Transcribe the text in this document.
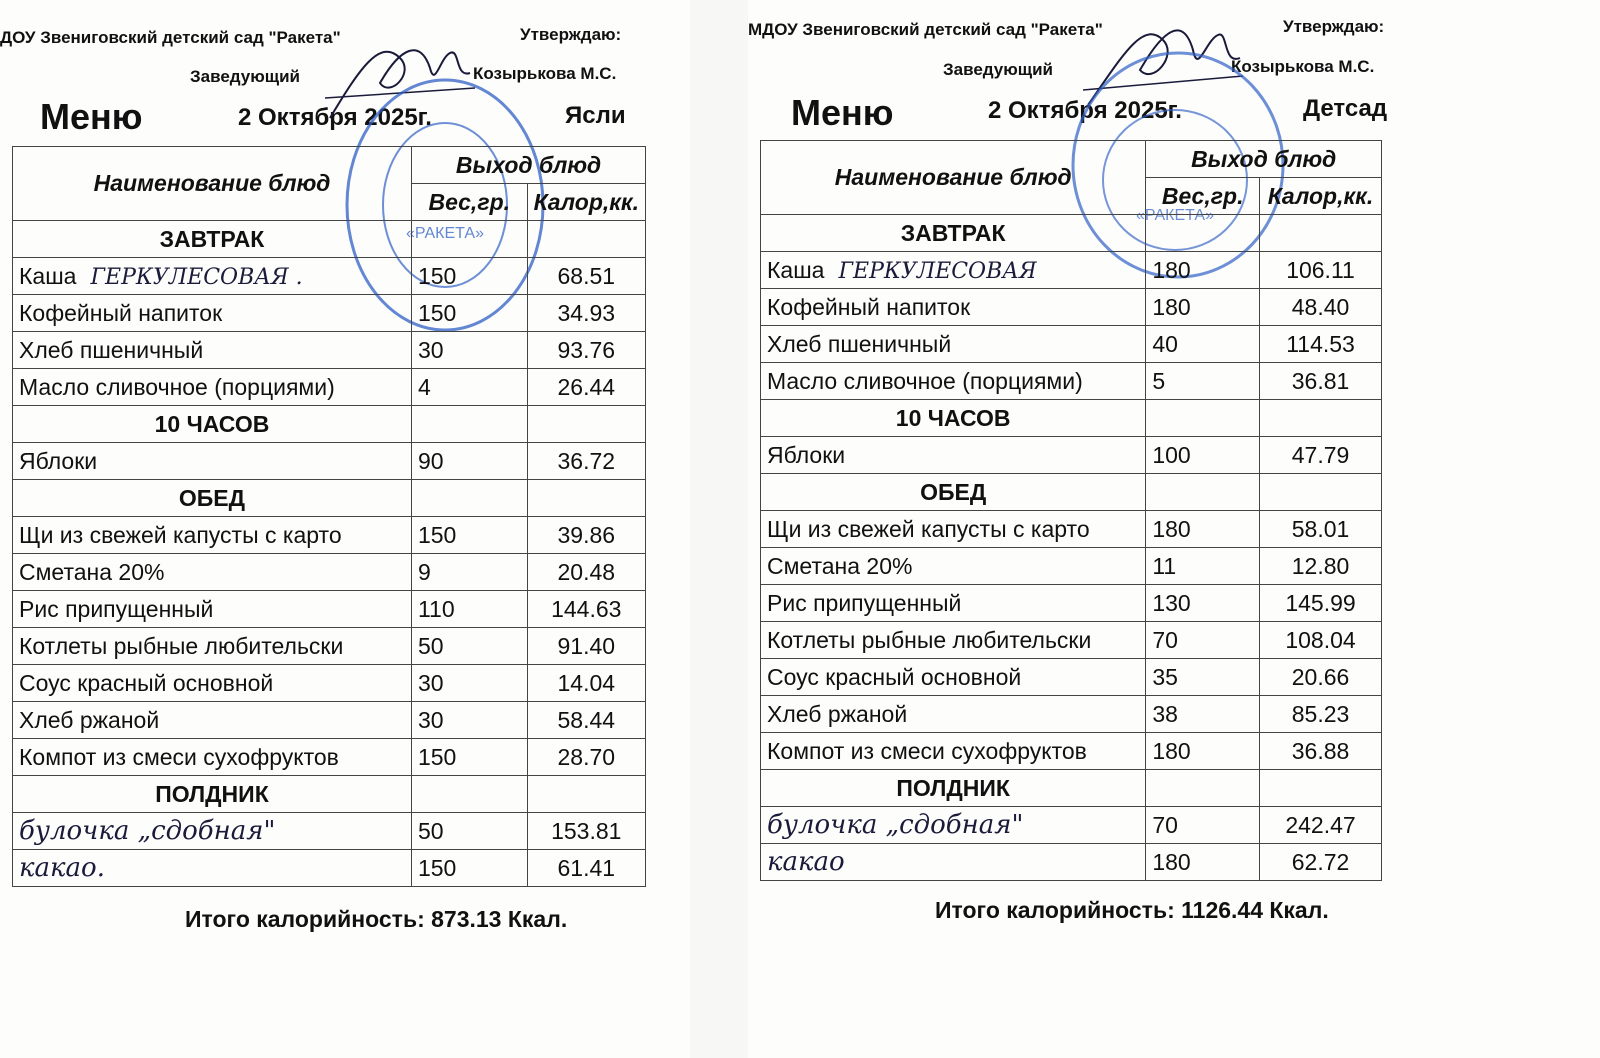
ДОУ Звениговский детский сад "Ракета"	Утверждаю:
Заведующий	Козырькова М.С.
Меню	2 Октября 2025г.	Ясли
«РАКЕТА»
Наименование блюд	Выход блюд	
	Вес,гр.	Калор,кк.
ЗАВТРАК		
Каша ГЕРКУЛЕСОВАЯ .	150	68.51
Кофейный напиток	150	34.93
Хлеб пшеничный	30	93.76
Масло сливочное (порциями)	4	26.44
10 ЧАСОВ		
Яблоки	90	36.72
ОБЕД		
Щи из свежей капусты с карто	150	39.86
Сметана 20%	9	20.48
Рис припущенный	110	144.63
Котлеты рыбные любительски	50	91.40
Соус красный основной	30	14.04
Хлеб ржаной	30	58.44
Компот из смеси сухофруктов	150	28.70
ПОЛДНИК		
булочка „сдобная"	50	153.81
какао.	150	61.41
Итого калорийность: 873.13 Ккал.
МДОУ Звениговский детский сад "Ракета"	Утверждаю:
Заведующий	Козырькова М.С.
Меню	2 Октября 2025г.	Детсад
«РАКЕТА»
Наименование блюд	Выход блюд	
	Вес,гр.	Калор,кк.
ЗАВТРАК		
Каша ГЕРКУЛЕСОВАЯ	180	106.11
Кофейный напиток	180	48.40
Хлеб пшеничный	40	114.53
Масло сливочное (порциями)	5	36.81
10 ЧАСОВ		
Яблоки	100	47.79
ОБЕД		
Щи из свежей капусты с карто	180	58.01
Сметана 20%	11	12.80
Рис припущенный	130	145.99
Котлеты рыбные любительски	70	108.04
Соус красный основной	35	20.66
Хлеб ржаной	38	85.23
Компот из смеси сухофруктов	180	36.88
ПОЛДНИК		
булочка „сдобная"	70	242.47
какао	180	62.72
Итого калорийность: 1126.44 Ккал.
